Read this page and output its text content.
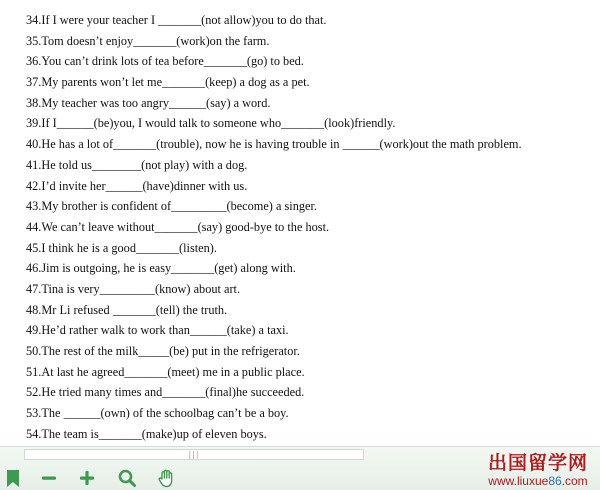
34.If I were your teacher I _______(not allow)you to do that.
35.Tom doesn’t enjoy_______(work)on the farm.
36.You can’t drink lots of tea before_______(go) to bed.
37.My parents won’t let me_______(keep) a dog as a pet.
38.My teacher was too angry______(say) a word.
39.If I______(be)you, I would talk to someone who_______(look)friendly.
40.He has a lot of_______(trouble), now he is having trouble in ______(work)out the math problem.
41.He told us________(not play) with a dog.
42.I’d invite her______(have)dinner with us.
43.My brother is confident of_________(become) a singer.
44.We can’t leave without_______(say) good-bye to the host.
45.I think he is a good_______(listen).
46.Jim is outgoing, he is easy_______(get) along with.
47.Tina is very_________(know) about art.
48.Mr Li refused _______(tell) the truth.
49.He’d rather walk to work than______(take) a taxi.
50.The rest of the milk_____(be) put in the refrigerator.
51.At last he agreed_______(meet) me in a public place.
52.He tried many times and_______(final)he succeeded.
53.The ______(own) of the schoolbag can’t be a boy.
54.The team is_______(make)up of eleven boys.
|||	出国留学网
www.liuxue86.com
